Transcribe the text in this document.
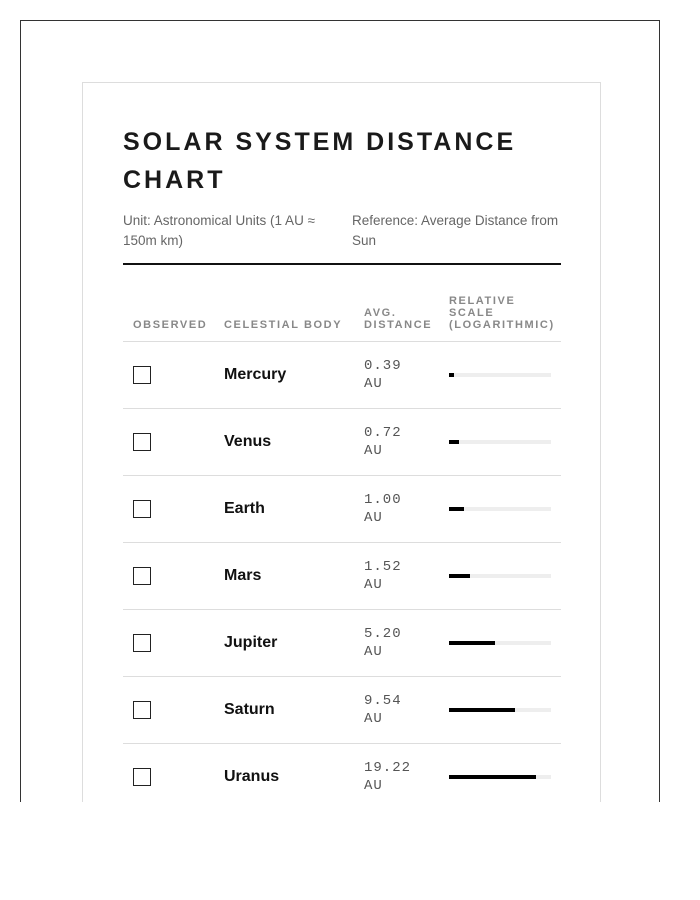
SOLAR SYSTEM DISTANCE CHART
Unit: Astronomical Units (1 AU ≈ 150m km)
Reference: Average Distance from Sun
OBSERVED	CELESTIAL BODY	AVG. DISTANCE	RELATIVE SCALE (LOGARITHMIC)

	Mercury	0.39
AU	

	Venus	0.72
AU	

	Earth	1.00
AU	

	Mars	1.52
AU	

	Jupiter	5.20
AU	

	Saturn	9.54
AU	

	Uranus	19.22
AU	
